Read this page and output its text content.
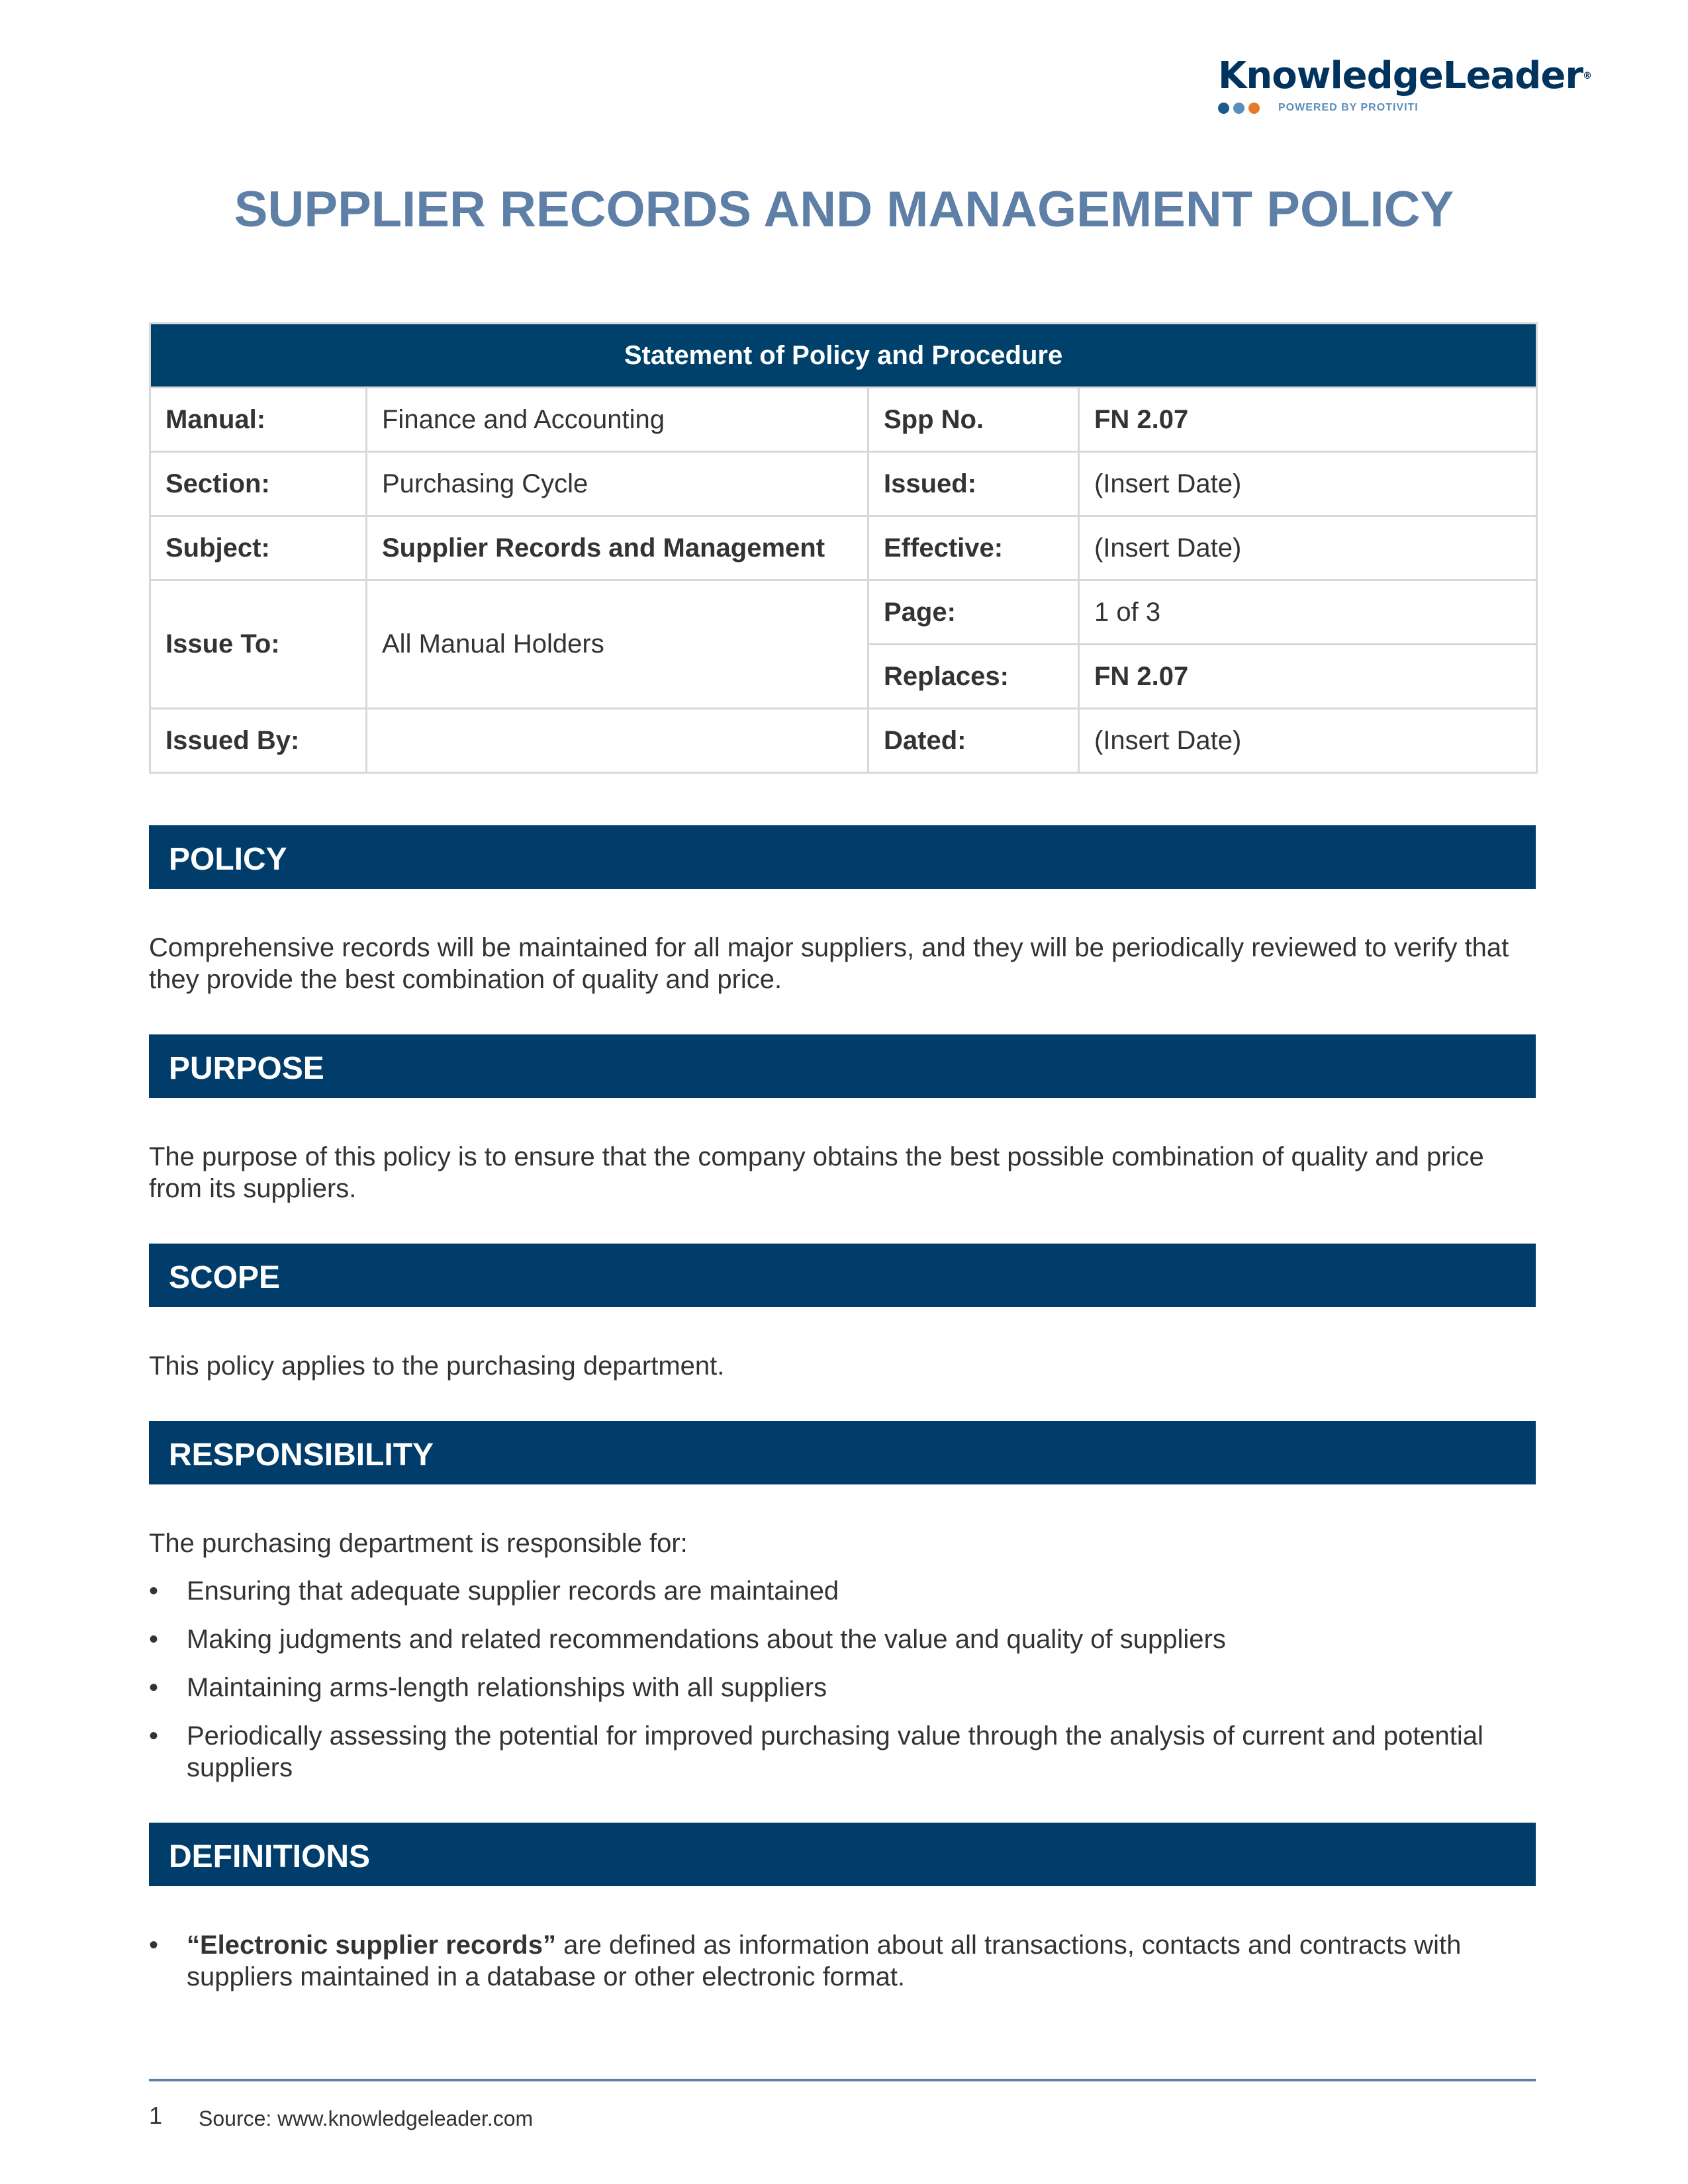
KnowledgeLeader®
POWERED BY PROTIVITI
SUPPLIER RECORDS AND MANAGEMENT POLICY
Statement of Policy and Procedure			
Manual:	Finance and Accounting	Spp No.	FN 2.07
Section:	Purchasing Cycle	Issued:	(Insert Date)
Subject:	Supplier Records and Management	Effective:	(Insert Date)
Issue To:	All Manual Holders	Page:	1 of 3
		Replaces:	FN 2.07
Issued By:		Dated:	(Insert Date)
POLICY

Comprehensive records will be maintained for all major suppliers, and they will be periodically reviewed to verify that they provide the best combination of quality and price.

PURPOSE

The purpose of this policy is to ensure that the company obtains the best possible combination of quality and price from its suppliers.

SCOPE

This policy applies to the purchasing department.

RESPONSIBILITY

The purchasing department is responsible for:

•	Ensuring that adequate supplier records are maintained
•	Making judgments and related recommendations about the value and quality of suppliers
•	Maintaining arms-length relationships with all suppliers
•	Periodically assessing the potential for improved purchasing value through the analysis of current and potential suppliers
DEFINITIONS
•	“Electronic supplier records” are defined as information about all transactions, contacts and contracts with suppliers maintained in a database or other electronic format.
1 Source: www.knowledgeleader.com
